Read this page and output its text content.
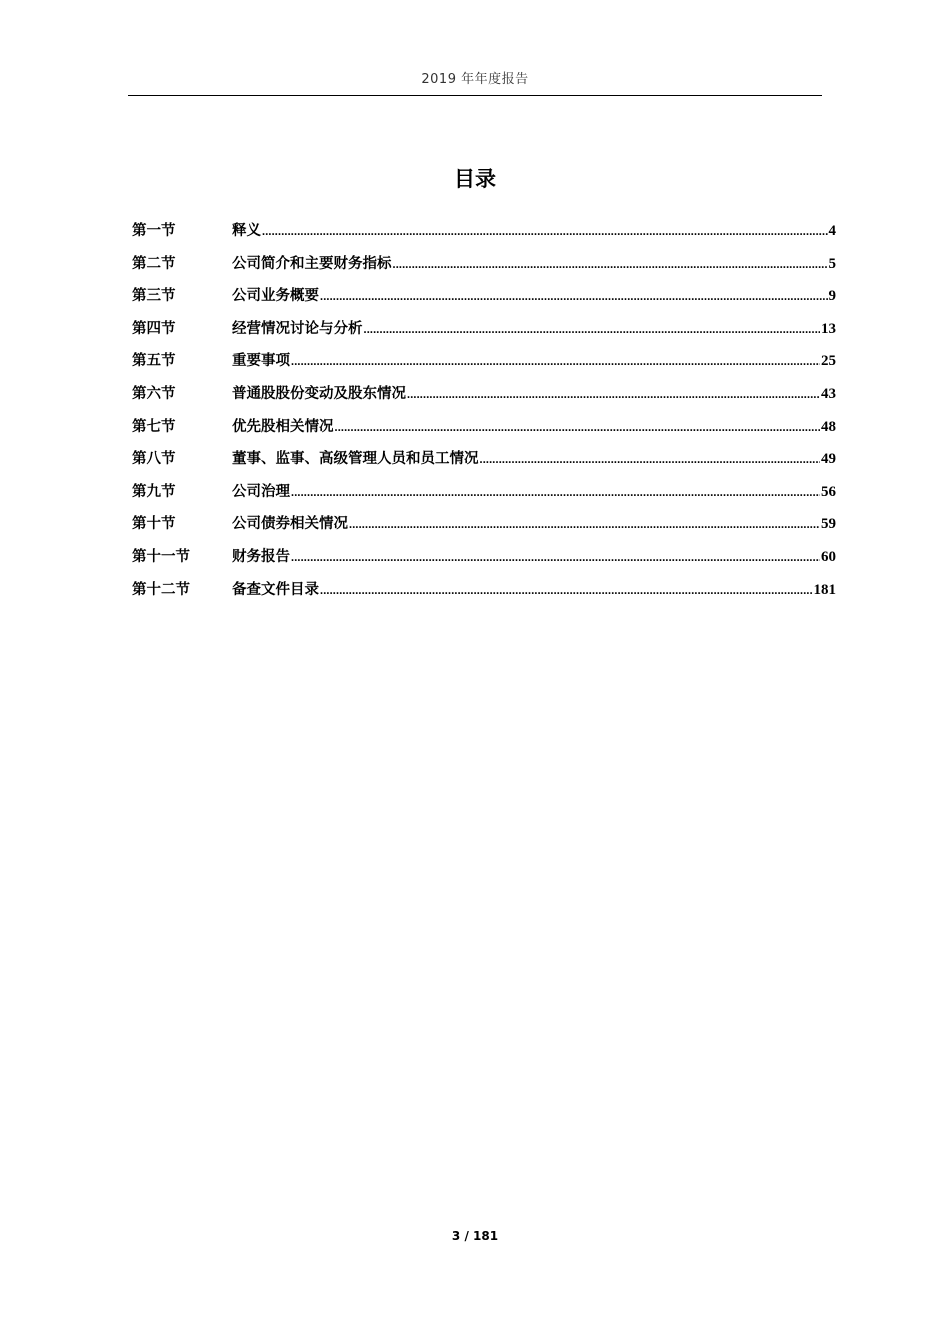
2019 年年度报告
目录
第一节	释义 .....	4
第二节	公司简介和主要财务指标 .....	5
第三节	公司业务概要 .....	9
第四节	经营情况讨论与分析 .....	13
第五节	重要事项 .....	25
第六节	普通股股份变动及股东情况 .....	43
第七节	优先股相关情况 .....	48
第八节	董事、监事、高级管理人员和员工情况 .....	49
第九节	公司治理 .....	56
第十节	公司债券相关情况 .....	59
第十一节	财务报告 .....	60
第十二节	备查文件目录 .....	181
3 / 181
